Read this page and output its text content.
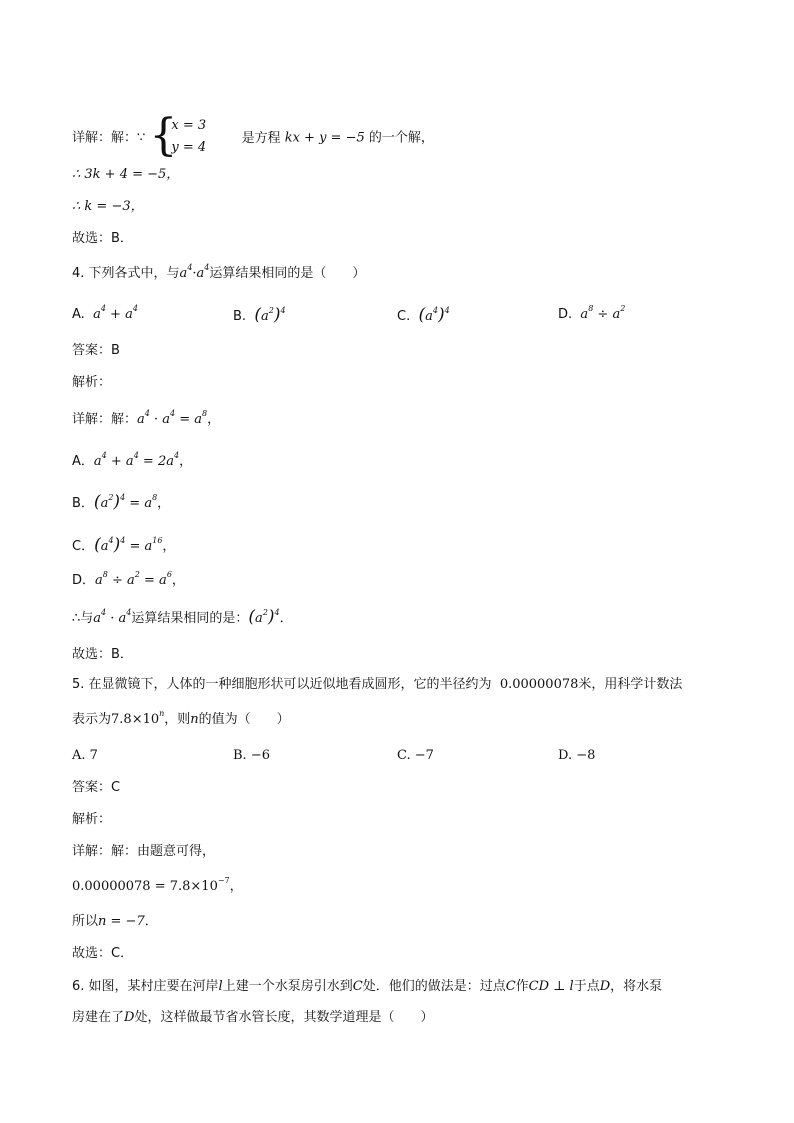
详解：解：∵ {
x = 3
y = 4
是方程 kx + y = −5 的一个解，
∴ 3k + 4 = −5，
∴ k = −3，
故选：B．
4. 下列各式中，与$a^4\cdot a^4$运算结果相同的是（　　）
A. $a^4 + a^4$
B. $(a^2)^4$	C. $(a^4)^4$	D. $a^8 \div a^2$
答案：B
解析：
详解：解：$a^4 \cdot a^4 = a^8$，
A．$a^4 + a^4 = 2a^4$，
B．$(a^2)^4 = a^8$，
C．$(a^4)^4 = a^{16}$，
D．$a^8 \div a^2 = a^6$，
∴与$a^4 \cdot a^4$运算结果相同的是：$(a^2)^4$．
故选：B．
5. 在显微镜下，人体的一种细胞形状可以近似地看成圆形，它的半径约为 0.00000078米，用科学计数法
表示为$7.8\times 10^n$，则n的值为（　　）
A. 7	B. −6	C. −7	D. −8
答案：C
解析：
详解：解：由题意可得，
$0.00000078 = 7.8\times 10^{-7}$，
所以n = −7．
故选：C．
6. 如图，某村庄要在河岸l上建一个水泵房引水到C处．他们的做法是：过点C作CD ⊥ l于点D，将水泵
房建在了D处，这样做最节省水管长度，其数学道理是（　　）
